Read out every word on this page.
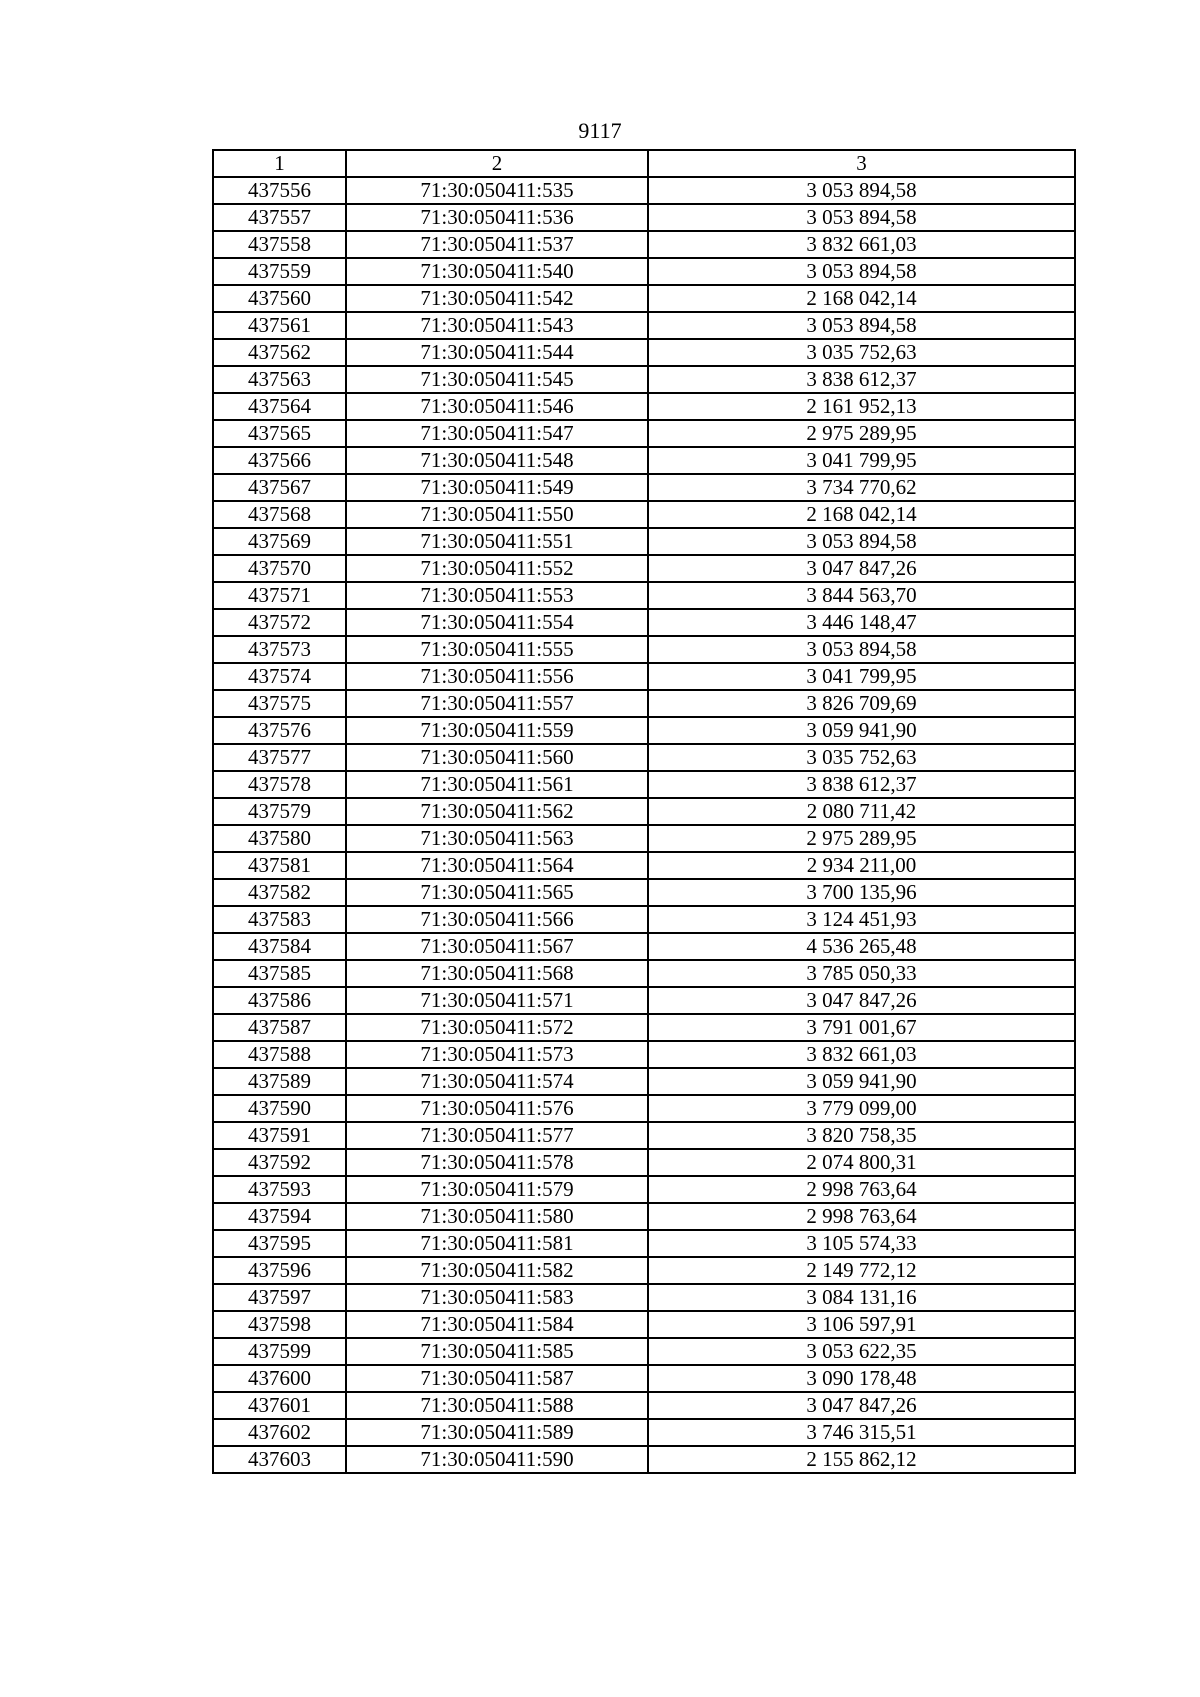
9117
1	2	3
437556	71:30:050411:535	3 053 894,58
437557	71:30:050411:536	3 053 894,58
437558	71:30:050411:537	3 832 661,03
437559	71:30:050411:540	3 053 894,58
437560	71:30:050411:542	2 168 042,14
437561	71:30:050411:543	3 053 894,58
437562	71:30:050411:544	3 035 752,63
437563	71:30:050411:545	3 838 612,37
437564	71:30:050411:546	2 161 952,13
437565	71:30:050411:547	2 975 289,95
437566	71:30:050411:548	3 041 799,95
437567	71:30:050411:549	3 734 770,62
437568	71:30:050411:550	2 168 042,14
437569	71:30:050411:551	3 053 894,58
437570	71:30:050411:552	3 047 847,26
437571	71:30:050411:553	3 844 563,70
437572	71:30:050411:554	3 446 148,47
437573	71:30:050411:555	3 053 894,58
437574	71:30:050411:556	3 041 799,95
437575	71:30:050411:557	3 826 709,69
437576	71:30:050411:559	3 059 941,90
437577	71:30:050411:560	3 035 752,63
437578	71:30:050411:561	3 838 612,37
437579	71:30:050411:562	2 080 711,42
437580	71:30:050411:563	2 975 289,95
437581	71:30:050411:564	2 934 211,00
437582	71:30:050411:565	3 700 135,96
437583	71:30:050411:566	3 124 451,93
437584	71:30:050411:567	4 536 265,48
437585	71:30:050411:568	3 785 050,33
437586	71:30:050411:571	3 047 847,26
437587	71:30:050411:572	3 791 001,67
437588	71:30:050411:573	3 832 661,03
437589	71:30:050411:574	3 059 941,90
437590	71:30:050411:576	3 779 099,00
437591	71:30:050411:577	3 820 758,35
437592	71:30:050411:578	2 074 800,31
437593	71:30:050411:579	2 998 763,64
437594	71:30:050411:580	2 998 763,64
437595	71:30:050411:581	3 105 574,33
437596	71:30:050411:582	2 149 772,12
437597	71:30:050411:583	3 084 131,16
437598	71:30:050411:584	3 106 597,91
437599	71:30:050411:585	3 053 622,35
437600	71:30:050411:587	3 090 178,48
437601	71:30:050411:588	3 047 847,26
437602	71:30:050411:589	3 746 315,51
437603	71:30:050411:590	2 155 862,12
